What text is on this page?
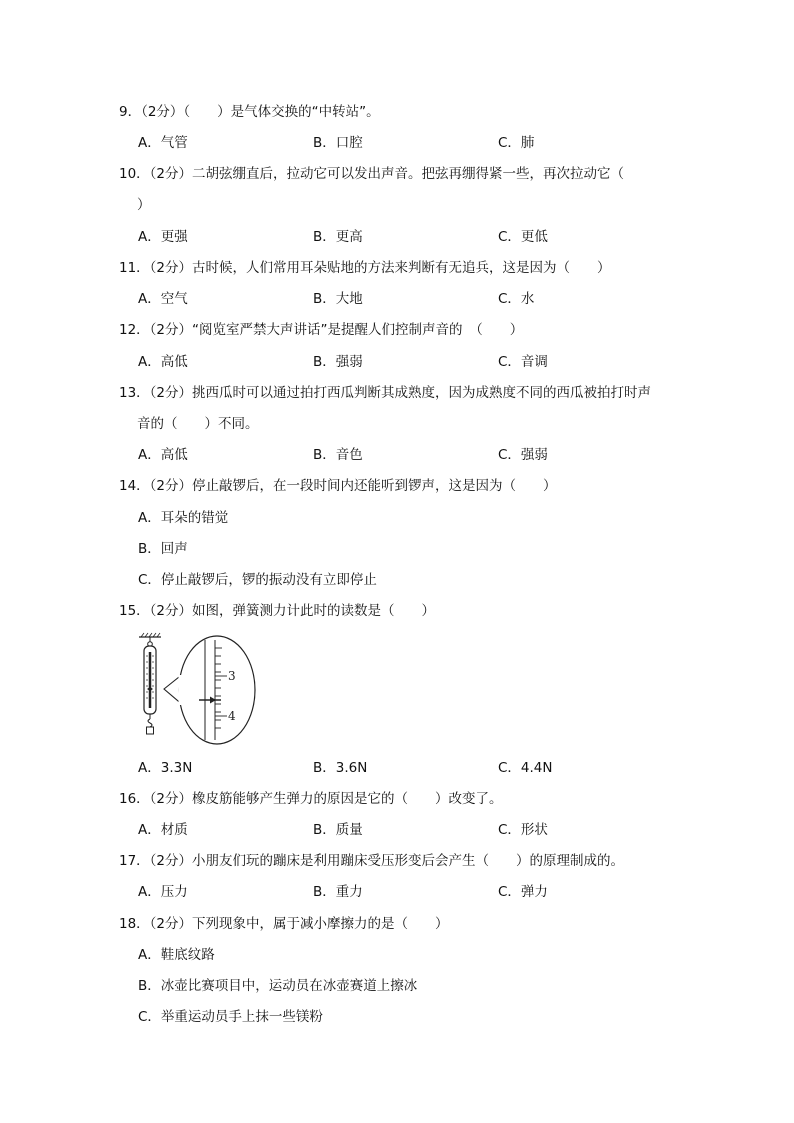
9．（2分）（　　）是气体交换的“中转站”。
A．气管	B．口腔	C．肺
10．（2分）二胡弦绷直后，拉动它可以发出声音。把弦再绷得紧一些，再次拉动它（
）
A．更强	B．更高	C．更低
11．（2分）古时候，人们常用耳朵贴地的方法来判断有无追兵，这是因为（　　）
A．空气	B．大地	C．水
12．（2分）“阅览室严禁大声讲话”是提醒人们控制声音的　（　　）
A．高低	B．强弱	C．音调
13．（2分）挑西瓜时可以通过拍打西瓜判断其成熟度，因为成熟度不同的西瓜被拍打时声
音的（　　）不同。
A．高低	B．音色	C．强弱
14．（2分）停止敲锣后，在一段时间内还能听到锣声，这是因为（　　）
A．耳朵的错觉
B．回声
C．停止敲锣后，锣的振动没有立即停止
15．（2分）如图，弹簧测力计此时的读数是（　　）
3
4
A．3.3N	B．3.6N	C．4.4N
16．（2分）橡皮筋能够产生弹力的原因是它的（　　）改变了。
A．材质	B．质量	C．形状
17．（2分）小朋友们玩的蹦床是利用蹦床受压形变后会产生（　　）的原理制成的。
A．压力	B．重力	C．弹力
18．（2分）下列现象中，属于减小摩擦力的是（　　）
A．鞋底纹路
B．冰壶比赛项目中，运动员在冰壶赛道上擦冰
C．举重运动员手上抹一些镁粉
